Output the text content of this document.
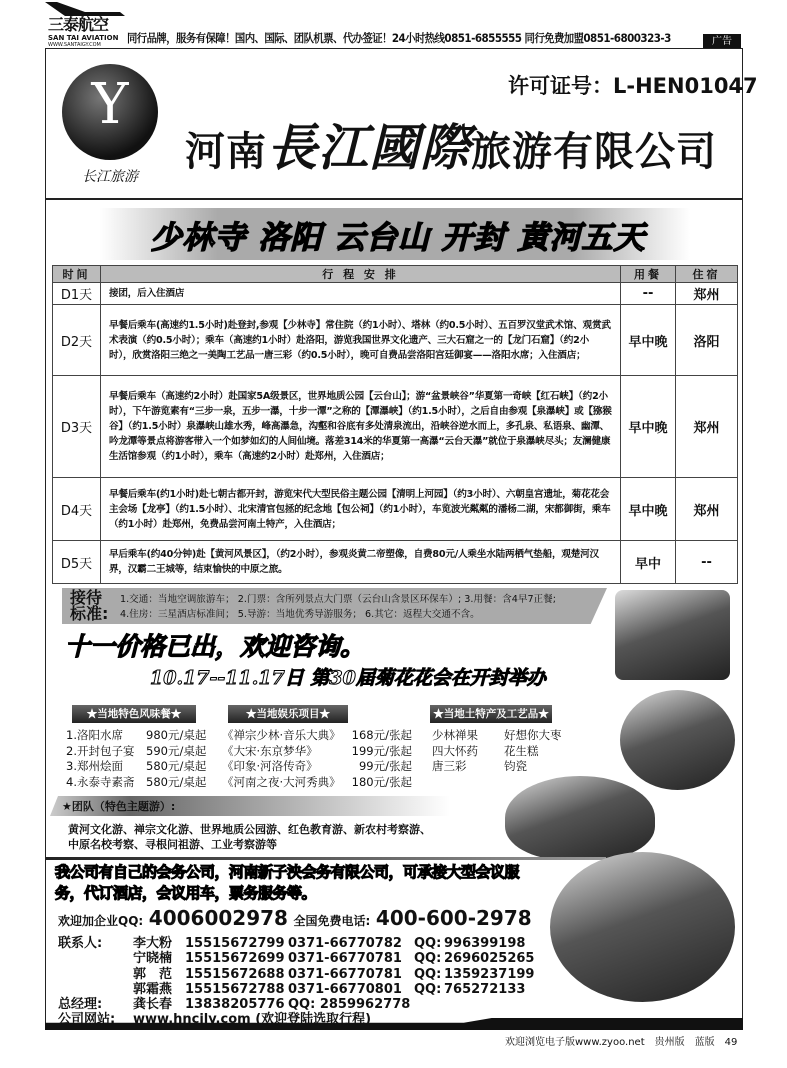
三泰航空
SAN TAI AVIATION
WWW.SANTAIGY.COM 同行品牌，服务有保障！国内、国际、团队机票、代办签证！24小时热线0851-6855555 同行免费加盟0851-6800323-3	广告
Y
长江旅游
许可证号：L-HEN01047
河南長江國際旅游有限公司
少林寺 洛阳 云台山 开封 黄河五天
时间	行 程 安 排	用餐	住宿
D1天	接团，后入住酒店	--	郑州
D2天	早餐后乘车(高速约1.5小时)赴登封,参观【少林寺】常住院（约1小时）、塔林（约0.5小时）、五百罗汉堂武术馆、观赏武术表演（约0.5小时）；乘车（高速约1小时）赴洛阳，游览我国世界文化遗产、三大石窟之一的【龙门石窟】（约2小时），欣赏洛阳三绝之一美陶工艺品一唐三彩（约0.5小时），晚可自费品尝洛阳宫廷御宴——洛阳水席；入住酒店；	早中晚	洛阳
D3天	早餐后乘车（高速约2小时）赴国家5A级景区，世界地质公园【云台山】；游“盆景峡谷”华夏第一奇峡【红石峡】（约2小时），下午游览素有“三步一泉，五步一瀑，十步一潭”之称的【潭瀑峡】（约1.5小时），之后自由参观【泉瀑峡】或【猕猴谷】（约1.5小时）泉瀑峡山雄水秀，峰高瀑急，沟壑和谷底有多处清泉流出，沿峡谷逆水而上，多孔泉、私语泉、幽潭、吟龙潭等景点将游客带入一个如梦如幻的人间仙境。落差314米的华夏第一高瀑“云台天瀑”就位于泉瀑峡尽头；友澜健康生活馆参观（约1小时），乘车（高速约2小时）赴郑州，入住酒店；	早中晚	郑州
D4天	早餐后乘车(约1小时)赴七朝古都开封，游览宋代大型民俗主题公园【清明上河园】（约3小时）、六朝皇宫遗址，菊花花会主会场【龙亭】（约1.5小时）、北宋清官包拯的纪念地【包公祠】（约1小时），车览波光粼粼的潘杨二湖，宋都御街，乘车（约1小时）赴郑州，免费品尝河南土特产，入住酒店；	早中晚	郑州
D5天	早后乘车(约40分钟)赴【黄河风景区】，（约2小时），参观炎黄二帝塑像，自费80元/人乘坐水陆两栖气垫船，观楚河汉界，汉霸二王城等，结束愉快的中原之旅。	早中	--
接待标准:
1.交通：当地空调旅游车； 2.门票：含所列景点大门票（云台山含景区环保车）; 3.用餐：含4早7正餐;
4.住房：三星酒店标准间； 5.导游：当地优秀导游服务； 6.其它：返程大交通不含。
十一价格已出，欢迎咨询。
10.17--11.17日 第30届菊花花会在开封举办
★当地特色风味餐★	★当地娱乐项目★	★当地土特产及工艺品★
1.洛阳水席 980元/桌起
2.开封包子宴 590元/桌起
3.郑州烩面 580元/桌起
4.永泰寺素斋 580元/桌起
《禅宗少林·音乐大典》 168元/张起
《大宋·东京梦华》	199元/张起
《印象·河洛传奇》	99元/张起
《河南之夜·大河秀典》 180元/张起
少林禅果 好想你大枣
四大怀药 花生糕
唐三彩	钧瓷
★团队（特色主题游）:
黄河文化游、禅宗文化游、世界地质公园游、红色教育游、新农村考察游、
中原名校考察、寻根问祖游、工业考察游等
我公司有自己的会务公司，河南新子泱会务有限公司，可承接大型会议服务，代订酒店，会议用车，票务服务等。
欢迎加企业QQ: 4006002978 全国免费电话: 400-600-2978
联系人:	李大粉 15515672799 0371-66770782 QQ: 996399198
宁晓楠 15515672699 0371-66770781 QQ: 2696025265
郭　范 15515672688 0371-66770781 QQ: 1359237199
郭霜燕 15515672788 0371-66770801 QQ: 765272133
总经理:	龚长春 13838205776 QQ: 2859962778
公司网站:	www.hncjly.com (欢迎登陆选取行程)
欢迎浏览电子版www.zyoo.net　贵州版　蓝版　49
